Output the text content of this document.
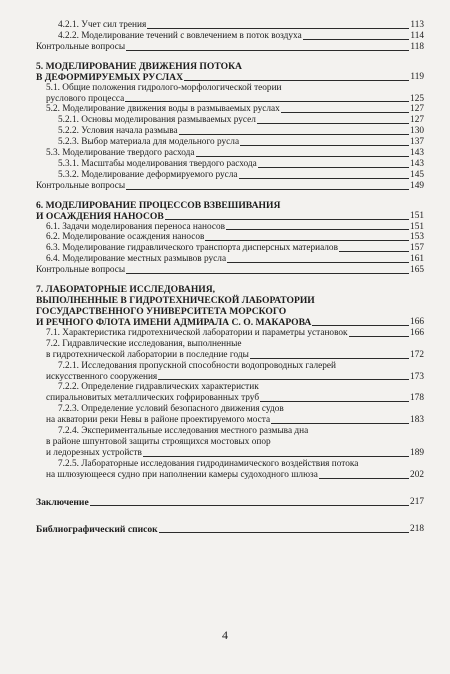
4.2.1. Учет сил трения	113
4.2.2. Моделирование течений с вовлечением в поток воздуха	114
Контрольные вопросы	118
5. МОДЕЛИРОВАНИЕ ДВИЖЕНИЯ ПОТОКА
В ДЕФОРМИРУЕМЫХ РУСЛАХ	119
5.1. Общие положения гидролого-морфологической теории
руслового процесса	125
5.2. Моделирование движения воды в размываемых руслах	127
5.2.1. Основы моделирования размываемых русел	127
5.2.2. Условия начала размыва	130
5.2.3. Выбор материала для модельного русла	137
5.3. Моделирование твердого расхода	143
5.3.1. Масштабы моделирования твердого расхода	143
5.3.2. Моделирование деформируемого русла	145
Контрольные вопросы	149
6. МОДЕЛИРОВАНИЕ ПРОЦЕССОВ ВЗВЕШИВАНИЯ
И ОСАЖДЕНИЯ НАНОСОВ	151
6.1. Задачи моделирования переноса наносов	151
6.2. Моделирование осаждения наносов	153
6.3. Моделирование гидравлического транспорта дисперсных материалов	157
6.4. Моделирование местных размывов русла	161
Контрольные вопросы	165
7. ЛАБОРАТОРНЫЕ ИССЛЕДОВАНИЯ,
ВЫПОЛНЕННЫЕ В ГИДРОТЕХНИЧЕСКОЙ ЛАБОРАТОРИИ
ГОСУДАРСТВЕННОГО УНИВЕРСИТЕТА МОРСКОГО
И РЕЧНОГО ФЛОТА ИМЕНИ АДМИРАЛА С. О. МАКАРОВА	166
7.1. Характеристика гидротехнической лаборатории и параметры установок	166
7.2. Гидравлические исследования, выполненные
в гидротехнической лаборатории в последние годы	172
7.2.1. Исследования пропускной способности водопроводных галерей
искусственного сооружения	173
7.2.2. Определение гидравлических характеристик
спиральновитых металлических гофрированных труб	178
7.2.3. Определение условий безопасного движения судов
на акватории реки Невы в районе проектируемого моста	183
7.2.4. Экспериментальные исследования местного размыва дна
в районе шпунтовой защиты строящихся мостовых опор
и ледорезных устройств	189
7.2.5. Лабораторные исследования гидродинамического воздействия потока
на шлюзующееся судно при наполнении камеры судоходного шлюза	202
Заключение	217
Библиографический список	218
4
